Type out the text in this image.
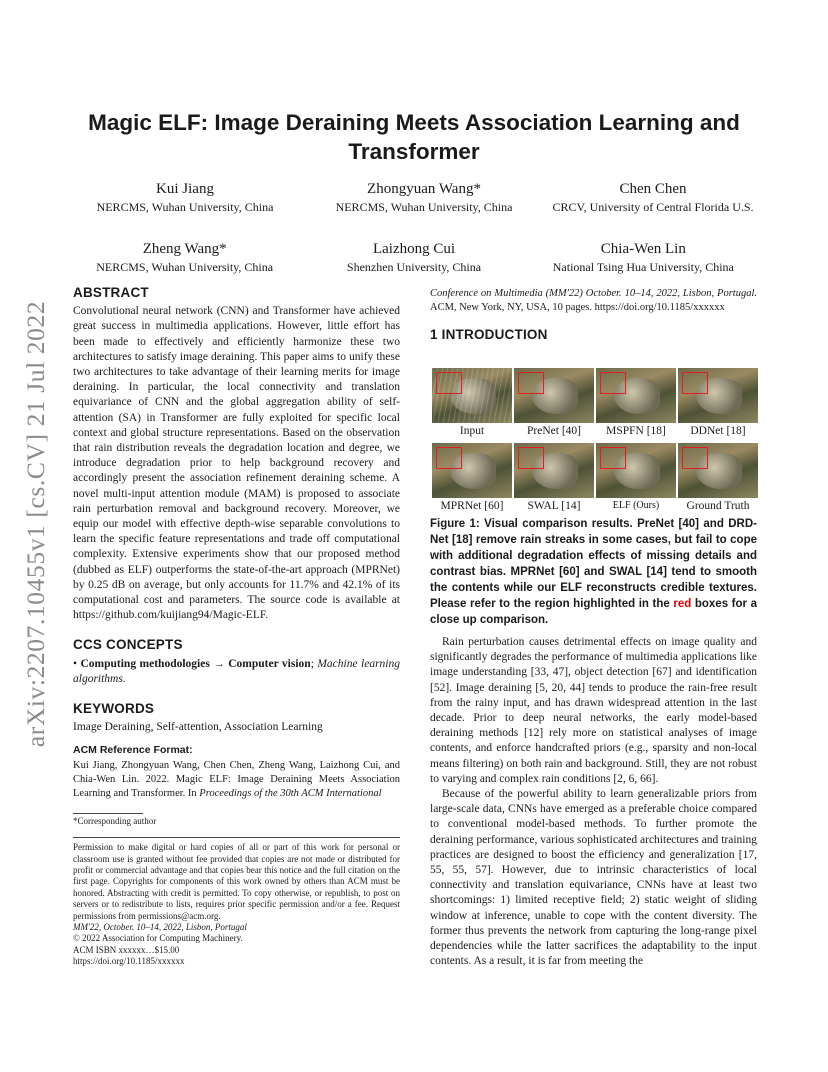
Magic ELF: Image Deraining Meets Association Learning and Transformer
Kui Jiang
NERCMS, Wuhan University, China
Zhongyuan Wang*
NERCMS, Wuhan University, China
Chen Chen
CRCV, University of Central Florida U.S.
Zheng Wang*
NERCMS, Wuhan University, China
Laizhong Cui
Shenzhen University, China
Chia-Wen Lin
National Tsing Hua University, China
arXiv:2207.10455v1 [cs.CV] 21 Jul 2022
ABSTRACT

Convolutional neural network (CNN) and Transformer have achieved great success in multimedia applications. However, little effort has been made to effectively and efficiently harmonize these two architectures to satisfy image deraining. This paper aims to unify these two architectures to take advantage of their learning merits for image deraining. In particular, the local connectivity and translation equivariance of CNN and the global aggregation ability of self-attention (SA) in Transformer are fully exploited for specific local context and global structure representations. Based on the observation that rain distribution reveals the degradation location and degree, we introduce degradation prior to help background recovery and accordingly present the association refinement deraining scheme. A novel multi-input attention module (MAM) is proposed to associate rain perturbation removal and background recovery. Moreover, we equip our model with effective depth-wise separable convolutions to learn the specific feature representations and trade off computational complexity. Extensive experiments show that our proposed method (dubbed as ELF) outperforms the state-of-the-art approach (MPRNet) by 0.25 dB on average, but only accounts for 11.7% and 42.1% of its computational cost and parameters. The source code is available at https://github.com/kuijiang94/Magic-ELF.

CCS CONCEPTS

• Computing methodologies → Computer vision; Machine learning algorithms.

KEYWORDS

Image Deraining, Self-attention, Association Learning

ACM Reference Format:

Kui Jiang, Zhongyuan Wang, Chen Chen, Zheng Wang, Laizhong Cui, and Chia-Wen Lin. 2022. Magic ELF: Image Deraining Meets Association Learning and Transformer. In Proceedings of the 30th ACM International

*Corresponding author

Permission to make digital or hard copies of all or part of this work for personal or classroom use is granted without fee provided that copies are not made or distributed for profit or commercial advantage and that copies bear this notice and the full citation on the first page. Copyrights for components of this work owned by others than ACM must be honored. Abstracting with credit is permitted. To copy otherwise, or republish, to post on servers or to redistribute to lists, requires prior specific permission and/or a fee. Request permissions from permissions@acm.org.

MM'22, October. 10–14, 2022, Lisbon, Portugal

© 2022 Association for Computing Machinery.

ACM ISBN xxxxxx…$15.00

https://doi.org/10.1185/xxxxxx

Conference on Multimedia (MM'22) October. 10–14, 2022, Lisbon, Portugal. ACM, New York, NY, USA, 10 pages. https://doi.org/10.1185/xxxxxx

1 INTRODUCTION
Input	PreNet [40]	MSPFN [18]	DDNet [18]
MPRNet [60]	SWAL [14]	ELF (Ours)	Ground Truth

Figure 1: Visual comparison results. PreNet [40] and DRD-Net [18] remove rain streaks in some cases, but fail to cope with additional degradation effects of missing details and contrast bias. MPRNet [60] and SWAL [14] tend to smooth the contents while our ELF reconstructs credible textures. Please refer to the region highlighted in the red boxes for a close up comparison.

Rain perturbation causes detrimental effects on image quality and significantly degrades the performance of multimedia applications like image understanding [33, 47], object detection [67] and identification [52]. Image deraining [5, 20, 44] tends to produce the rain-free result from the rainy input, and has drawn widespread attention in the last decade. Prior to deep neural networks, the early model-based deraining methods [12] rely more on statistical analyses of image contents, and enforce handcrafted priors (e.g., sparsity and non-local means filtering) on both rain and background. Still, they are not robust to varying and complex rain conditions [2, 6, 66].

Because of the powerful ability to learn generalizable priors from large-scale data, CNNs have emerged as a preferable choice compared to conventional model-based methods. To further promote the deraining performance, various sophisticated architectures and training practices are designed to boost the efficiency and generalization [17, 55, 55, 57]. However, due to intrinsic characteristics of local connectivity and translation equivariance, CNNs have at least two shortcomings: 1) limited receptive field; 2) static weight of sliding window at inference, unable to cope with the content diversity. The former thus prevents the network from capturing the long-range pixel dependencies while the latter sacrifices the adaptability to the input contents. As a result, it is far from meeting the
